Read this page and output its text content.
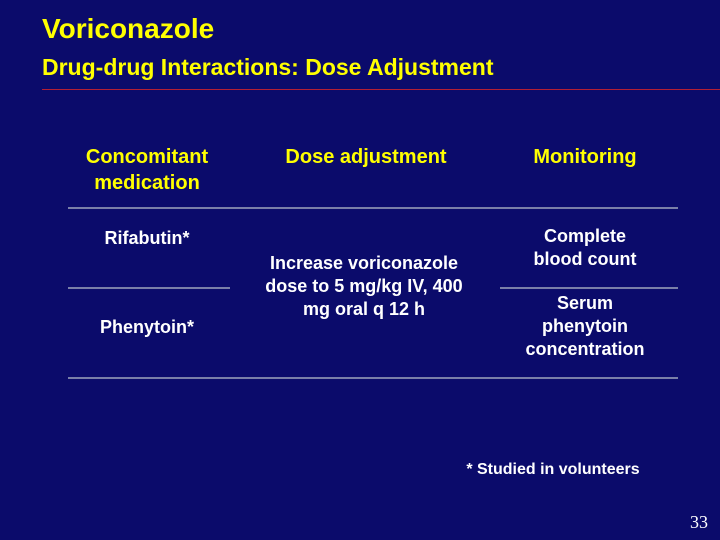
Voriconazole
Drug-drug Interactions: Dose Adjustment
Concomitant
medication
Dose adjustment	Monitoring
Rifabutin*	Complete
blood count
Increase voriconazole
dose to 5 mg/kg IV, 400
mg oral q 12 h
Phenytoin*
Serum
phenytoin
concentration
* Studied in volunteers
33
